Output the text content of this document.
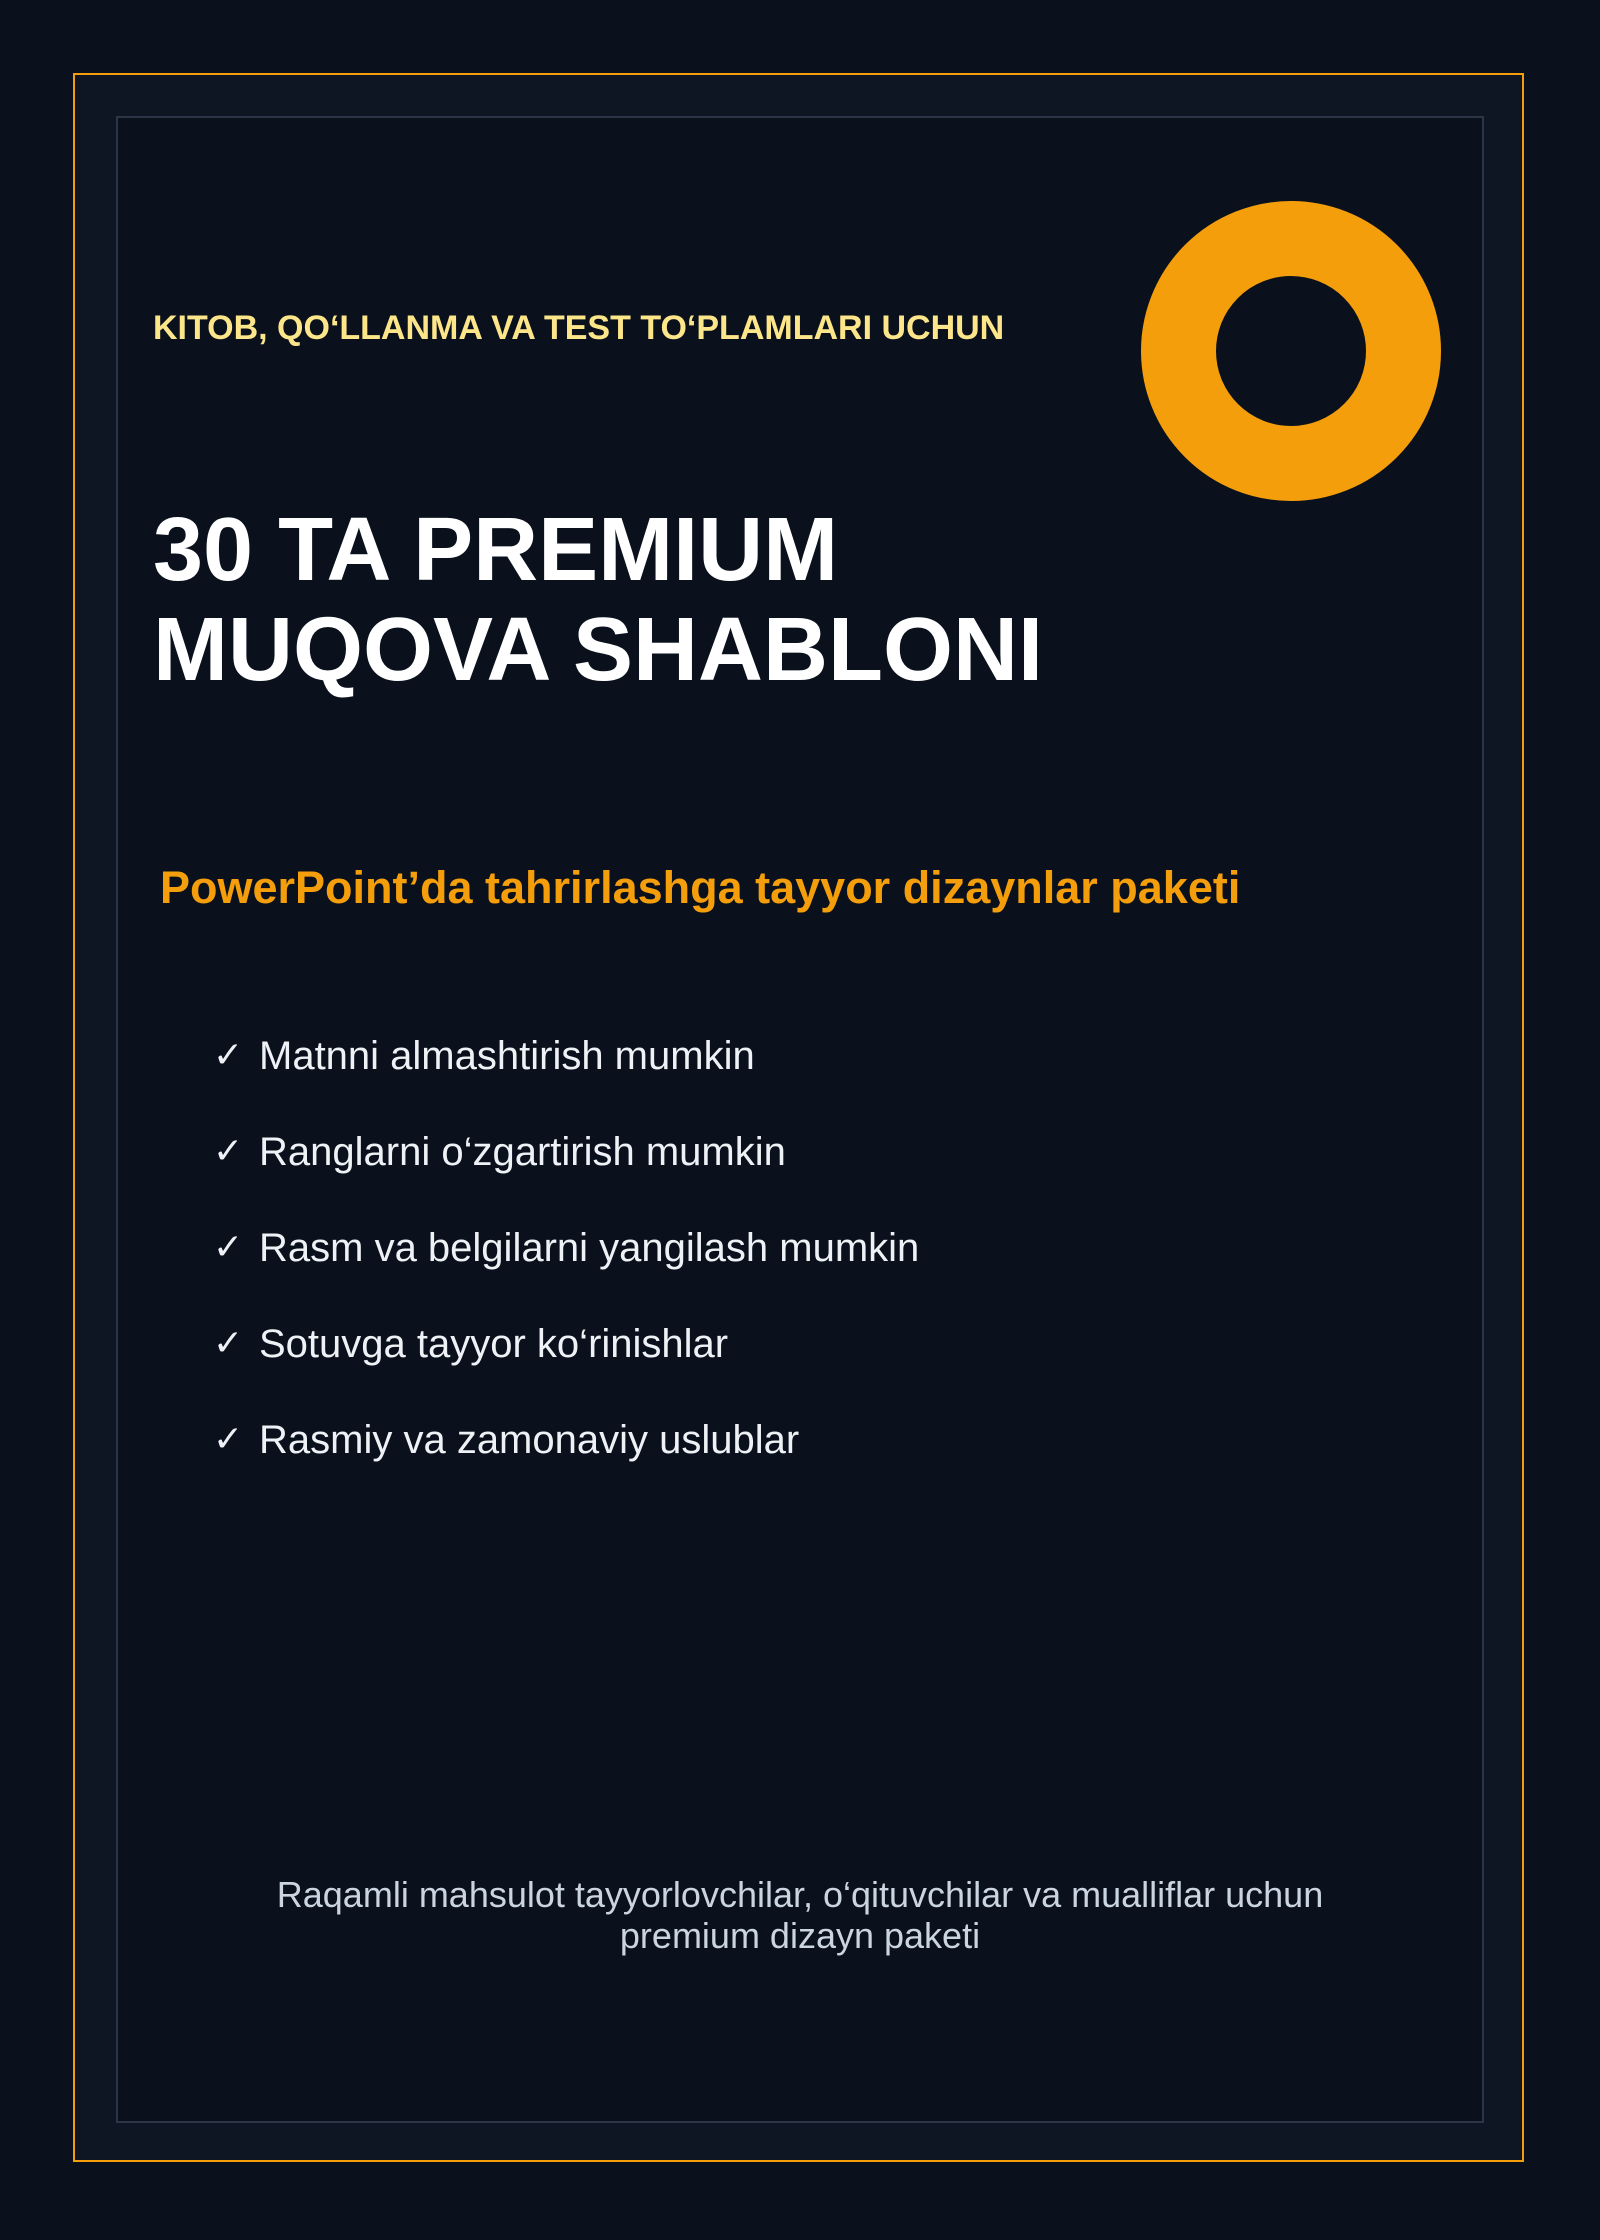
KITOB, QO‘LLANMA VA TEST TO‘PLAMLARI UCHUN
30 TA PREMIUM
MUQOVA SHABLONI
PowerPoint’da tahrirlashga tayyor dizaynlar paketi
✓ Matnni almashtirish mumkin
✓ Ranglarni o‘zgartirish mumkin
✓ Rasm va belgilarni yangilash mumkin
✓ Sotuvga tayyor ko‘rinishlar
✓ Rasmiy va zamonaviy uslublar
Raqamli mahsulot tayyorlovchilar, o‘qituvchilar va mualliflar uchun
premium dizayn paketi
